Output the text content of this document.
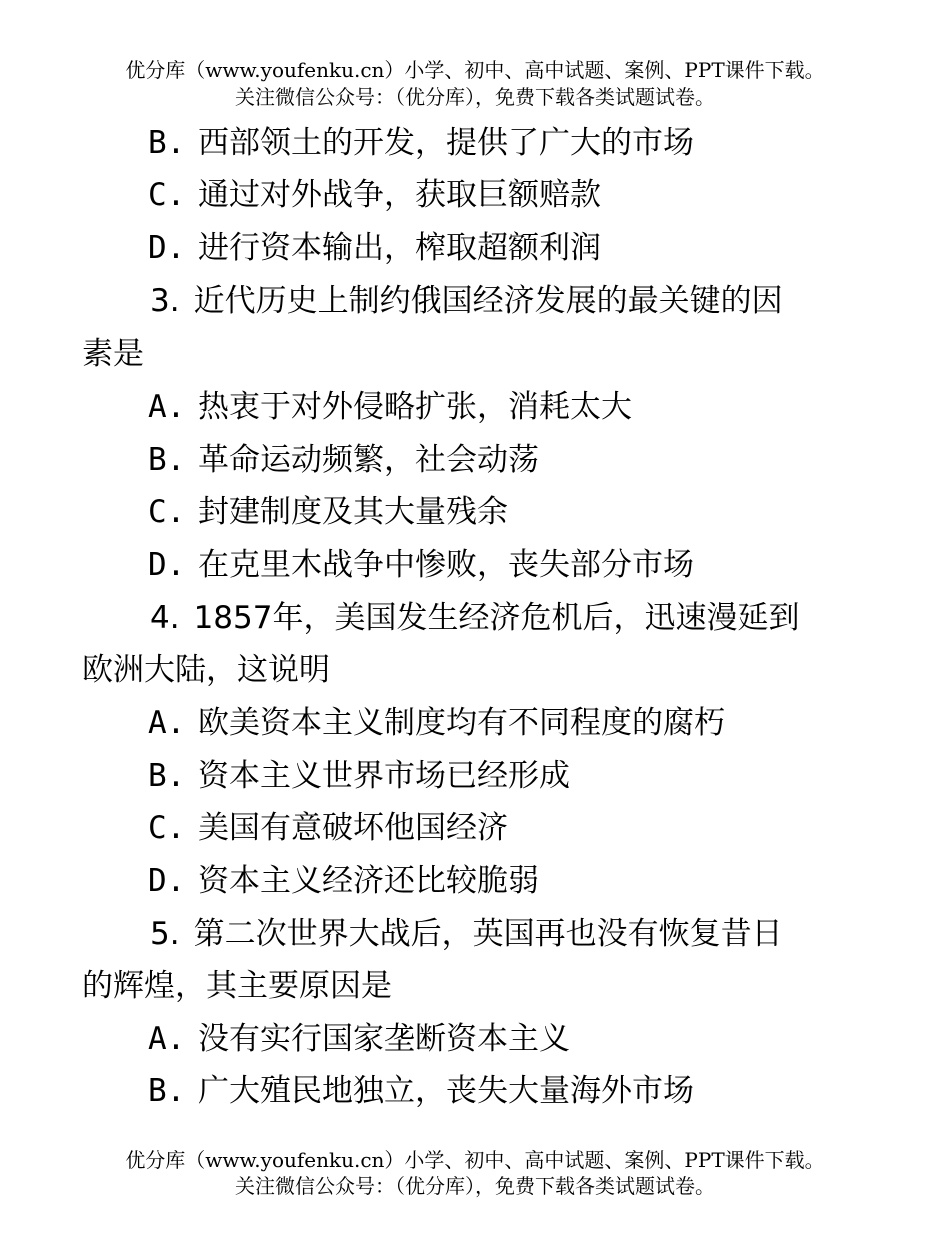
优分库（www.youfenku.cn）小学、初中、高中试题、案例、PPT课件下载。
关注微信公众号：（优分库），免费下载各类试题试卷。
B. 西部领土的开发，提供了广大的市场
C. 通过对外战争，获取巨额赔款
D. 进行资本输出，榨取超额利润
3. 近代历史上制约俄国经济发展的最关键的因
素是
A. 热衷于对外侵略扩张，消耗太大
B. 革命运动频繁，社会动荡
C. 封建制度及其大量残余
D. 在克里木战争中惨败，丧失部分市场
4. 1857年，美国发生经济危机后，迅速漫延到
欧洲大陆，这说明
A. 欧美资本主义制度均有不同程度的腐朽
B. 资本主义世界市场已经形成
C. 美国有意破坏他国经济
D. 资本主义经济还比较脆弱
5. 第二次世界大战后，英国再也没有恢复昔日
的辉煌，其主要原因是
A. 没有实行国家垄断资本主义
B. 广大殖民地独立，丧失大量海外市场
优分库（www.youfenku.cn）小学、初中、高中试题、案例、PPT课件下载。
关注微信公众号：（优分库），免费下载各类试题试卷。
